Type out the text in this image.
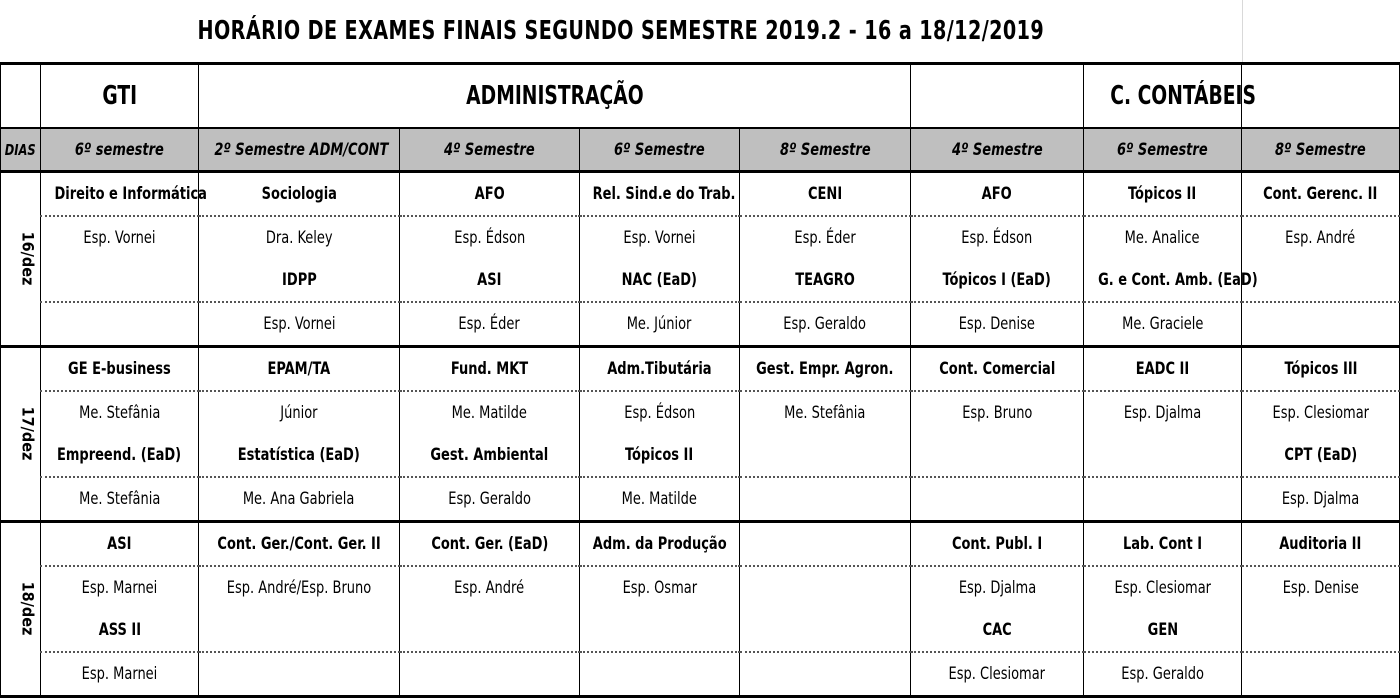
HORÁRIO DE EXAMES FINAIS SEGUNDO SEMESTRE 2019.2 - 16 a 18/12/2019
	GTI	ADMINISTRAÇÃO					C. CONTÁBEIS	
DIAS	6º semestre	2º Semestre ADM/CONT	4º Semestre	6º Semestre	8º Semestre	4º Semestre	6º Semestre	8º Semestre
16/dez	Direito e Informática	Sociologia	AFO	Rel. Sind.e do Trab.	CENI	AFO	Tópicos II	Cont. Gerenc. II
	Esp. Vornei	Dra. Keley	Esp. Édson	Esp. Vornei	Esp. Éder	Esp. Édson	Me. Analice	Esp. André
		IDPP	ASI	NAC (EaD)	TEAGRO	Tópicos I (EaD)	G. e Cont. Amb. (EaD)	
		Esp. Vornei	Esp. Éder	Me. Júnior	Esp. Geraldo	Esp. Denise	Me. Graciele	
17/dez	GE E-business	EPAM/TA	Fund. MKT	Adm.Tibutária	Gest. Empr. Agron.	Cont. Comercial	EADC II	Tópicos III
	Me. Stefânia	Júnior	Me. Matilde	Esp. Édson	Me. Stefânia	Esp. Bruno	Esp. Djalma	Esp. Clesiomar
	Empreend. (EaD)	Estatística (EaD)	Gest. Ambiental	Tópicos II				CPT (EaD)
	Me. Stefânia	Me. Ana Gabriela	Esp. Geraldo	Me. Matilde				Esp. Djalma
18/dez	ASI	Cont. Ger./Cont. Ger. II	Cont. Ger. (EaD)	Adm. da Produção		Cont. Publ. I	Lab. Cont I	Auditoria II
	Esp. Marnei	Esp. André/Esp. Bruno	Esp. André	Esp. Osmar		Esp. Djalma	Esp. Clesiomar	Esp. Denise
	ASS II					CAC	GEN	
	Esp. Marnei					Esp. Clesiomar	Esp. Geraldo	
